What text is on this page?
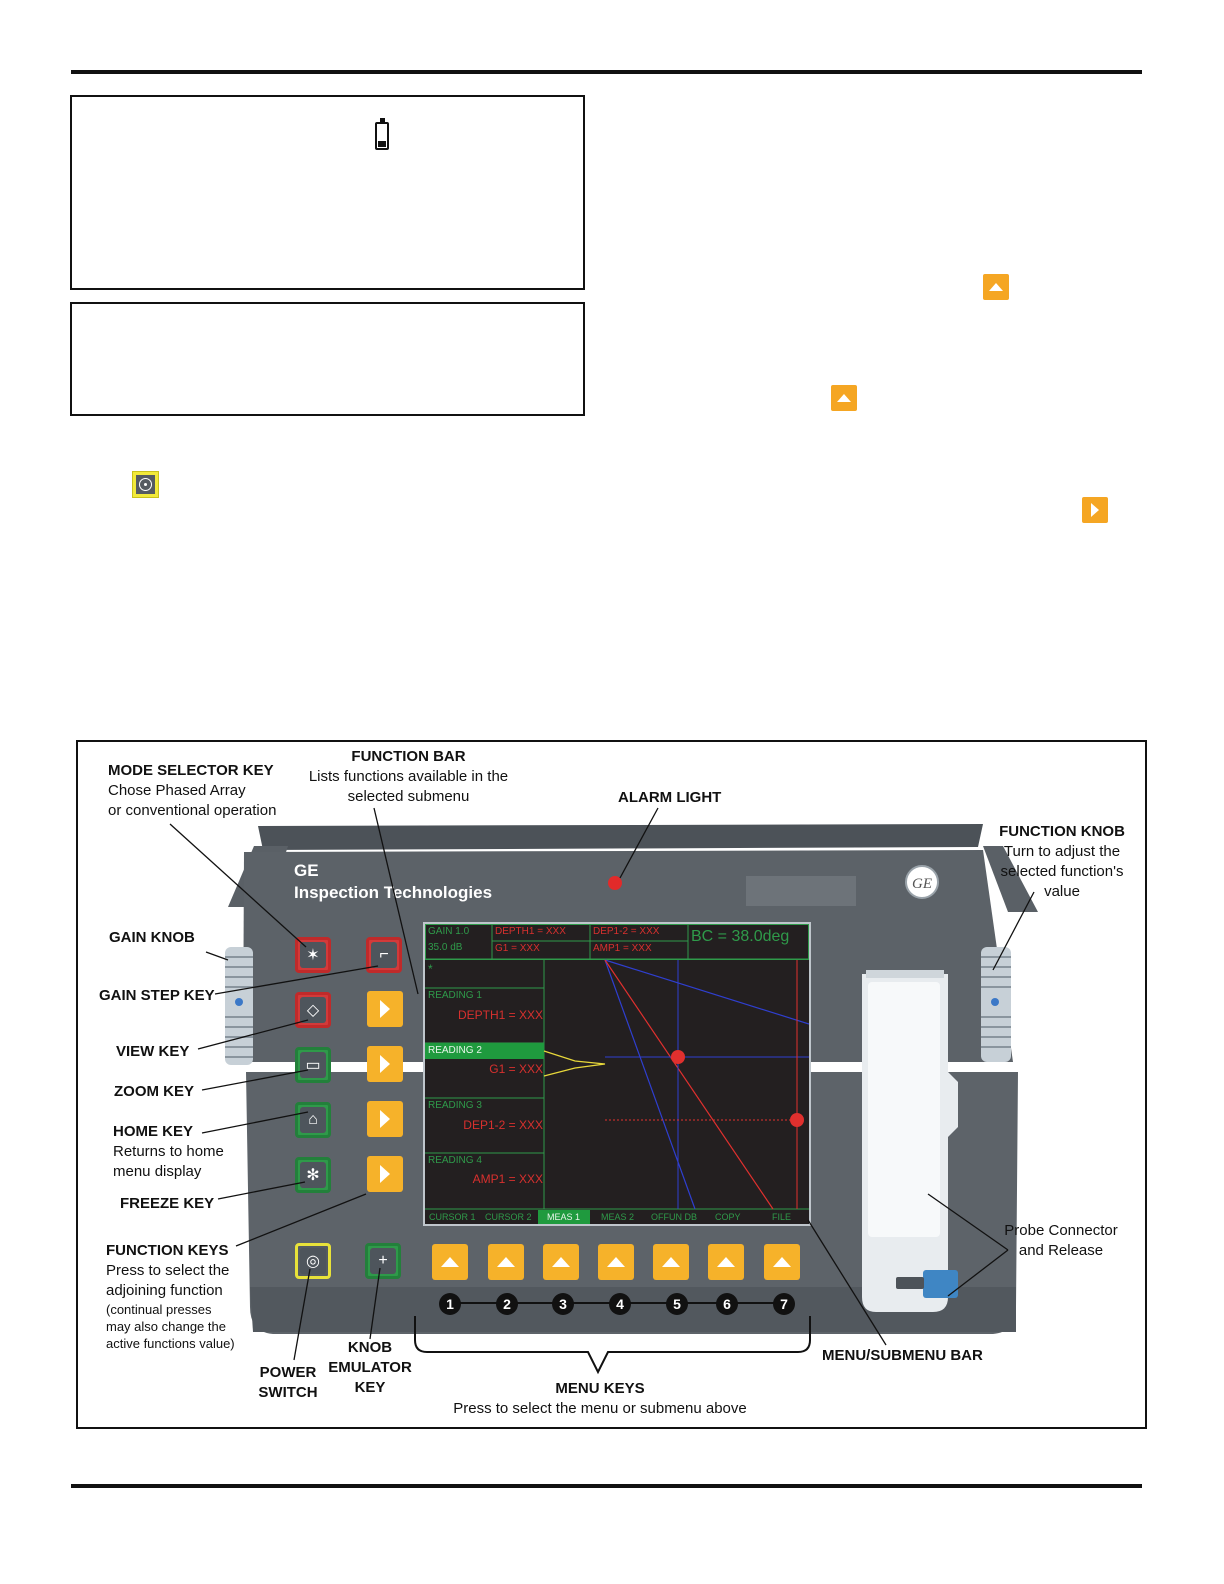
GE
GE
Inspection Technologies
✶	⌐
◇
▭
⌂
✻
◎	+
1	2	3	4	5	6	7
GAIN 1.0
35.0 dB
DEPTH1 = XXX
G1 = XXX
DEP1-2 = XXX
AMP1 = XXX
BC = 38.0deg
*
READING 1
DEPTH1 = XXX
READING 2
G1 = XXX
READING 3
DEP1-2 = XXX
READING 4
AMP1 = XXX
CURSOR 1 CURSOR 2 MEAS 1 MEAS 2 OFFUN DB COPY	FILE
MODE SELECTOR KEY
Chose Phased Array
or conventional operation
FUNCTION BAR
Lists functions available in the
selected submenu	ALARM LIGHT
FUNCTION KNOB
Turn to adjust the
selected function's
value
GAIN KNOB
GAIN STEP KEY
VIEW KEY
ZOOM KEY
HOME KEY
Returns to home
menu display
FREEZE KEY
FUNCTION KEYS
Press to select the
adjoining function
(continual presses
may also change the
active functions value)
POWER
SWITCH
KNOB
EMULATOR
KEY	MENU KEYS
Press to select the menu or submenu above
MENU/SUBMENU BAR
Probe Connector
and Release
